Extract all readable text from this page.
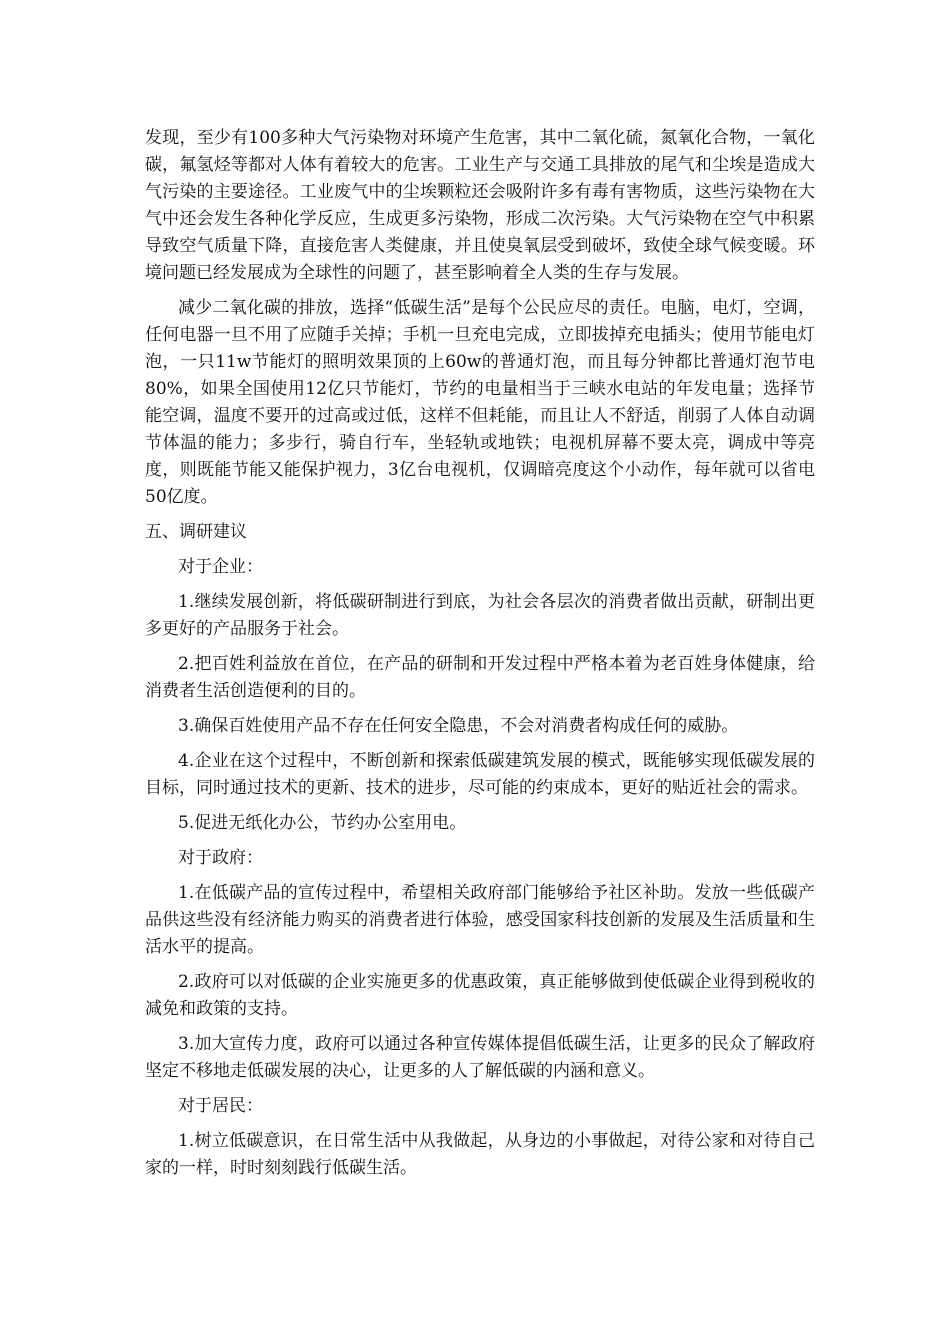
发现，至少有100多种大气污染物对环境产生危害，其中二氧化硫，氮氧化合物，一氧化碳，氟氢烃等都对人体有着较大的危害。工业生产与交通工具排放的尾气和尘埃是造成大气污染的主要途径。工业废气中的尘埃颗粒还会吸附许多有毒有害物质，这些污染物在大气中还会发生各种化学反应，生成更多污染物，形成二次污染。大气污染物在空气中积累导致空气质量下降，直接危害人类健康，并且使臭氧层受到破坏，致使全球气候变暖。环境问题已经发展成为全球性的问题了，甚至影响着全人类的生存与发展。

减少二氧化碳的排放，选择“低碳生活”是每个公民应尽的责任。电脑，电灯，空调，任何电器一旦不用了应随手关掉；手机一旦充电完成，立即拔掉充电插头；使用节能电灯泡，一只11w节能灯的照明效果顶的上60w的普通灯泡，而且每分钟都比普通灯泡节电80%，如果全国使用12亿只节能灯，节约的电量相当于三峡水电站的年发电量；选择节能空调，温度不要开的过高或过低，这样不但耗能，而且让人不舒适，削弱了人体自动调节体温的能力；多步行，骑自行车，坐轻轨或地铁；电视机屏幕不要太亮，调成中等亮度，则既能节能又能保护视力，3亿台电视机，仅调暗亮度这个小动作，每年就可以省电50亿度。

五、调研建议

对于企业：

1.继续发展创新，将低碳研制进行到底，为社会各层次的消费者做出贡献，研制出更多更好的产品服务于社会。

2.把百姓利益放在首位，在产品的研制和开发过程中严格本着为老百姓身体健康，给消费者生活创造便利的目的。

3.确保百姓使用产品不存在任何安全隐患，不会对消费者构成任何的威胁。

4.企业在这个过程中，不断创新和探索低碳建筑发展的模式，既能够实现低碳发展的目标，同时通过技术的更新、技术的进步，尽可能的约束成本，更好的贴近社会的需求。

5.促进无纸化办公，节约办公室用电。

对于政府：

1.在低碳产品的宣传过程中，希望相关政府部门能够给予社区补助。发放一些低碳产品供这些没有经济能力购买的消费者进行体验，感受国家科技创新的发展及生活质量和生活水平的提高。

2.政府可以对低碳的企业实施更多的优惠政策，真正能够做到使低碳企业得到税收的减免和政策的支持。

3.加大宣传力度，政府可以通过各种宣传媒体提倡低碳生活，让更多的民众了解政府坚定不移地走低碳发展的决心，让更多的人了解低碳的内涵和意义。

对于居民：

1.树立低碳意识，在日常生活中从我做起，从身边的小事做起，对待公家和对待自己家的一样，时时刻刻践行低碳生活。
